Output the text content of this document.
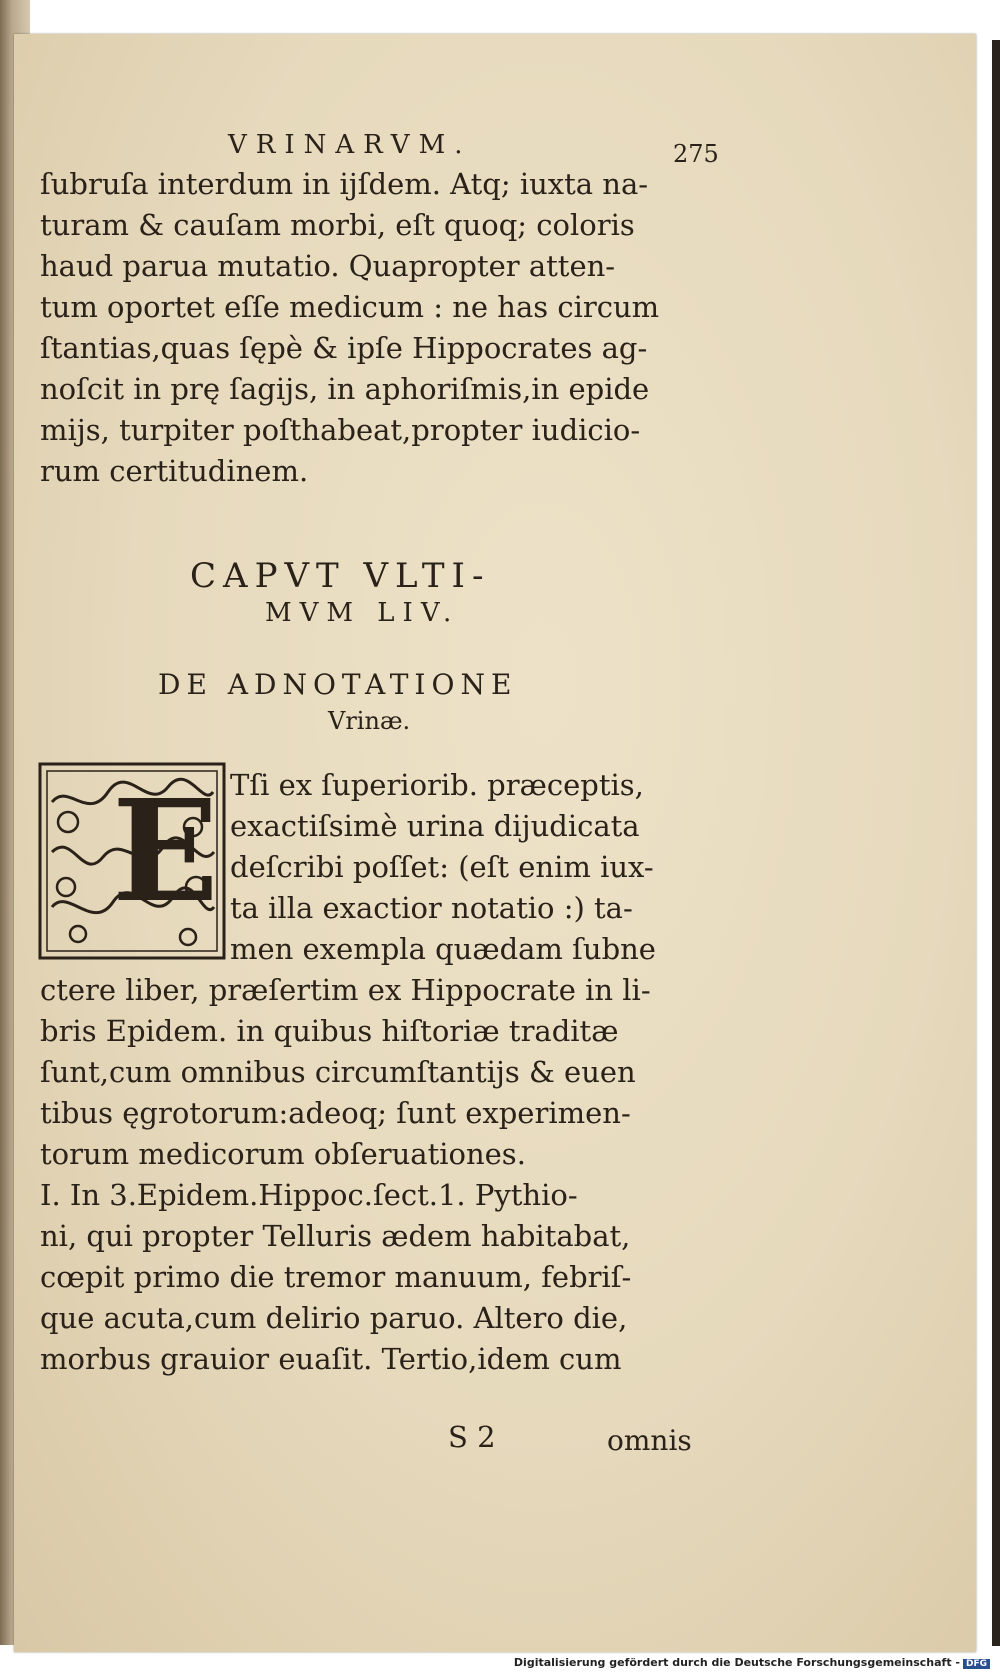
VRINARVM.	275
ſubruſa interdum in ijſdem. Atq; iuxta na-
turam & cauſam morbi, eſt quoq; coloris
haud parua mutatio. Quapropter atten-
tum oportet eſſe medicum : ne has circum
ſtantias,quas ſępè & ipſe Hippocrates ag-
noſcit in prę ſagijs, in aphoriſmis,in epide
mijs, turpiter poſthabeat,propter iudicio-
rum certitudinem.
CAPVT VLTI-
MVM LIV.
DE ADNOTATIONE
Vrinæ.
E Tſi ex ſuperiorib. præceptis,
exactiſsimè urina dijudicata
deſcribi poſſet: (eſt enim iux-
ta illa exactior notatio :) ta-
men exempla quædam ſubne
ctere liber, præſertim ex Hippocrate in li-
bris Epidem. in quibus hiſtoriæ traditæ
ſunt,cum omnibus circumſtantijs & euen
tibus ęgrotorum:adeoq; ſunt experimen-
torum medicorum obſeruationes.
I. In 3.Epidem.Hippoc.ſect.1. Pythio-
ni, qui propter Telluris ædem habitabat,
cœpit primo die tremor manuum, febriſ-
que acuta,cum delirio paruo. Altero die,
morbus grauior euaſit. Tertio,idem cum
S 2	omnis
Digitalisierung gefördert durch die Deutsche Forschungsgemeinschaft - DFG
